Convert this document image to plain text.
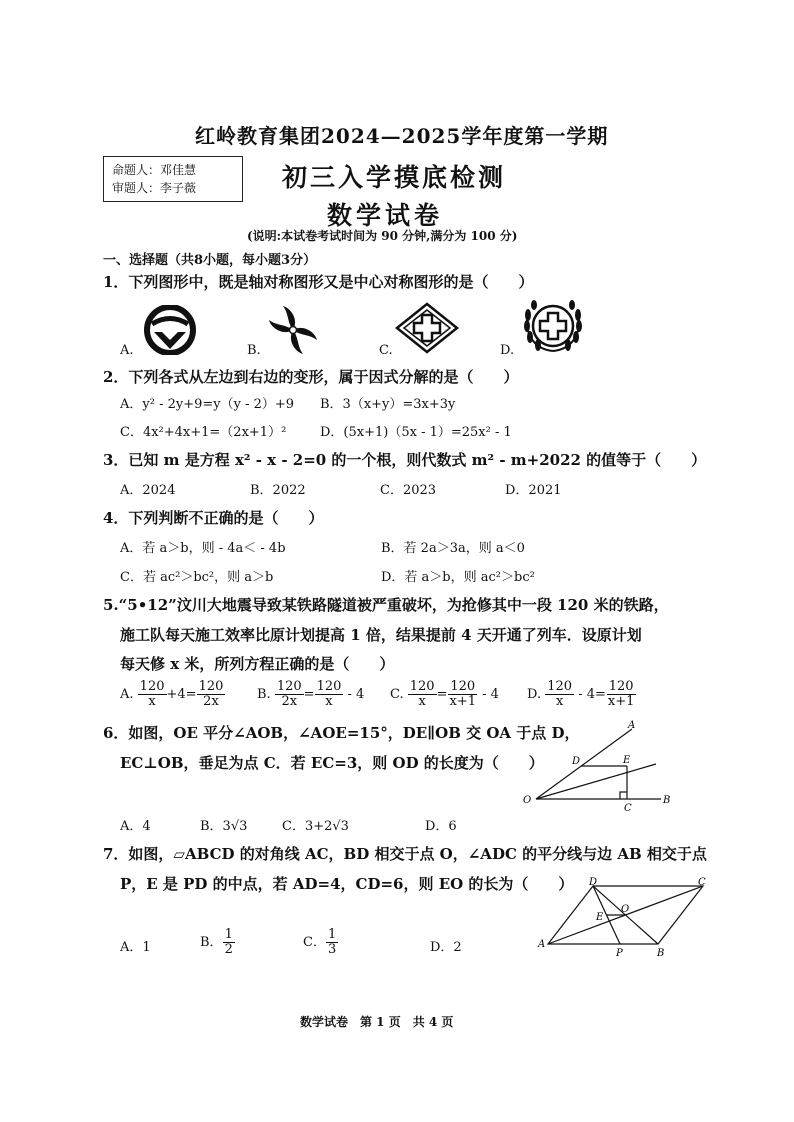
红岭教育集团2024—2025学年度第一学期
命题人：邓佳慧
审题人：李子薇	初三入学摸底检测
数学试卷
(说明:本试卷考试时间为 90 分钟,满分为 100 分)
一、选择题（共8小题，每小题3分）
1．下列图形中，既是轴对称图形又是中心对称图形的是（　　）
A.	B.	C.	D.
2．下列各式从左边到右边的变形，属于因式分解的是（　　）
A．y² - 2y+9=y（y - 2）+9 B．3（x+y）=3x+3y
C．4x²+4x+1=（2x+1）²	D．(5x+1)（5x - 1）=25x² - 1
3．已知 m 是方程 x² - x - 2=0 的一个根，则代数式 m² - m+2022 的值等于（　　）
A．2024	B．2022	C．2023	D．2021
4．下列判断不正确的是（　　）
A．若 a＞b，则 - 4a＜ - 4b	B．若 2a＞3a，则 a＜0
C．若 ac²＞bc²，则 a＞b	D．若 a＞b，则 ac²＞bc²
5.“5•12”汶川大地震导致某铁路隧道被严重破坏，为抢修其中一段 120 米的铁路，
施工队每天施工效率比原计划提高 1 倍，结果提前 4 天开通了列车．设原计划
每天修 x 米，所列方程正确的是（　　）
A. $\frac{120}{x} +4= \frac{120}{2x} B$. $\frac{120}{2x} = \frac{120}{x} - 4$ C. $\frac{120}{x} = \frac{120}{x+1} - 4$ D. $\frac{120}{x} - 4= \frac{120}{x+1}$
6．如图，OE 平分∠AOB，∠AOE=15°，DE∥OB 交 OA 于点 D，
EC⊥OB，垂足为点 C．若 EC=3，则 OD 的长度为（　　）
A
D	E
O
C
B
A．4	B．3√3	C．3+2√3	D．6
7．如图，▱ABCD 的对角线 AC，BD 相交于点 O，∠ADC 的平分线与边 AB 相交于点
P，E 是 PD 的中点，若 AD=4，CD=6，则 EO 的长为（　　）
A
B
C
D
E
O
P
A．1	B． $\frac{1}{2}$	C． $\frac{1}{3}$	D．2
数学试卷　第 1 页　共 4 页
